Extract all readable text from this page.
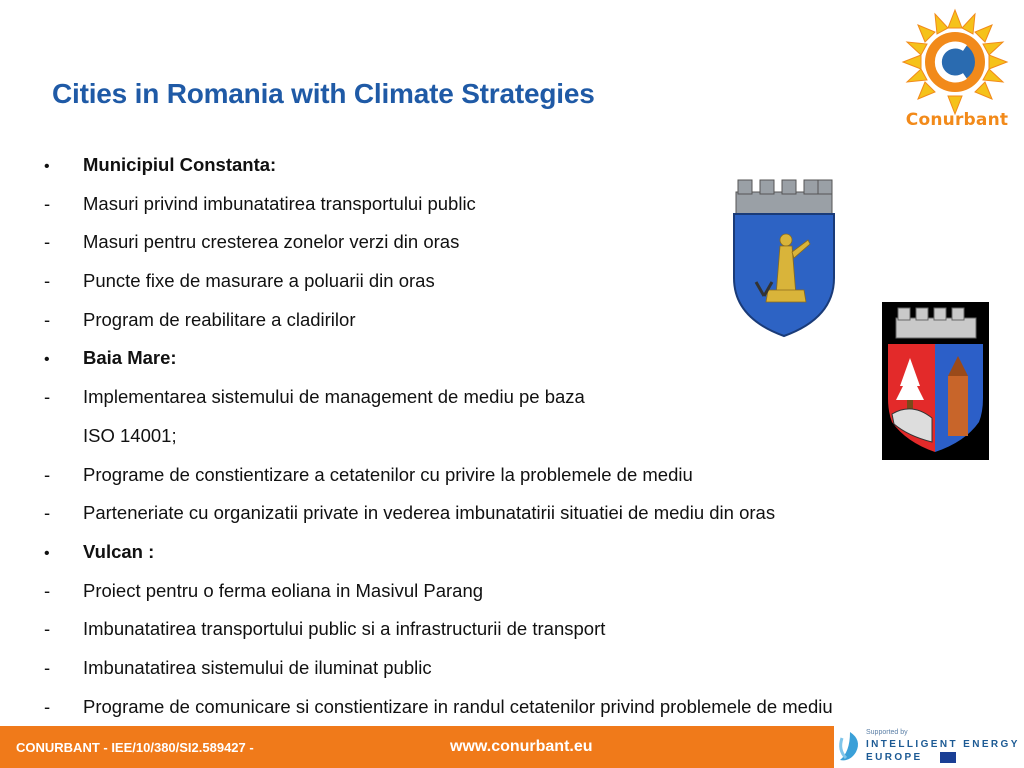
Cities in Romania with Climate Strategies
Conurbant
•	Municipiul Constanta:
-	Masuri privind imbunatatirea transportului public
-	Masuri pentru cresterea zonelor verzi din oras
-	Puncte fixe de masurare a poluarii din oras
-	Program de reabilitare a cladirilor
•	Baia Mare:
-	Implementarea sistemului de management de mediu pe baza
ISO 14001;
-	Programe de constientizare a cetatenilor cu privire la problemele de mediu
-	Parteneriate cu organizatii private in vederea imbunatatirii situatiei de mediu din oras
•	Vulcan :
-	Proiect pentru o ferma eoliana in Masivul Parang
-	Imbunatatirea transportului public si a infrastructurii de transport
-	Imbunatatirea sistemului de iluminat public
-	Programe de comunicare si constientizare in randul cetatenilor privind problemele de mediu
CONURBANT - IEE/10/380/SI2.589427 -	www.conurbant.eu
Supported by
INTELLIGENT ENERGY
EUROPE
